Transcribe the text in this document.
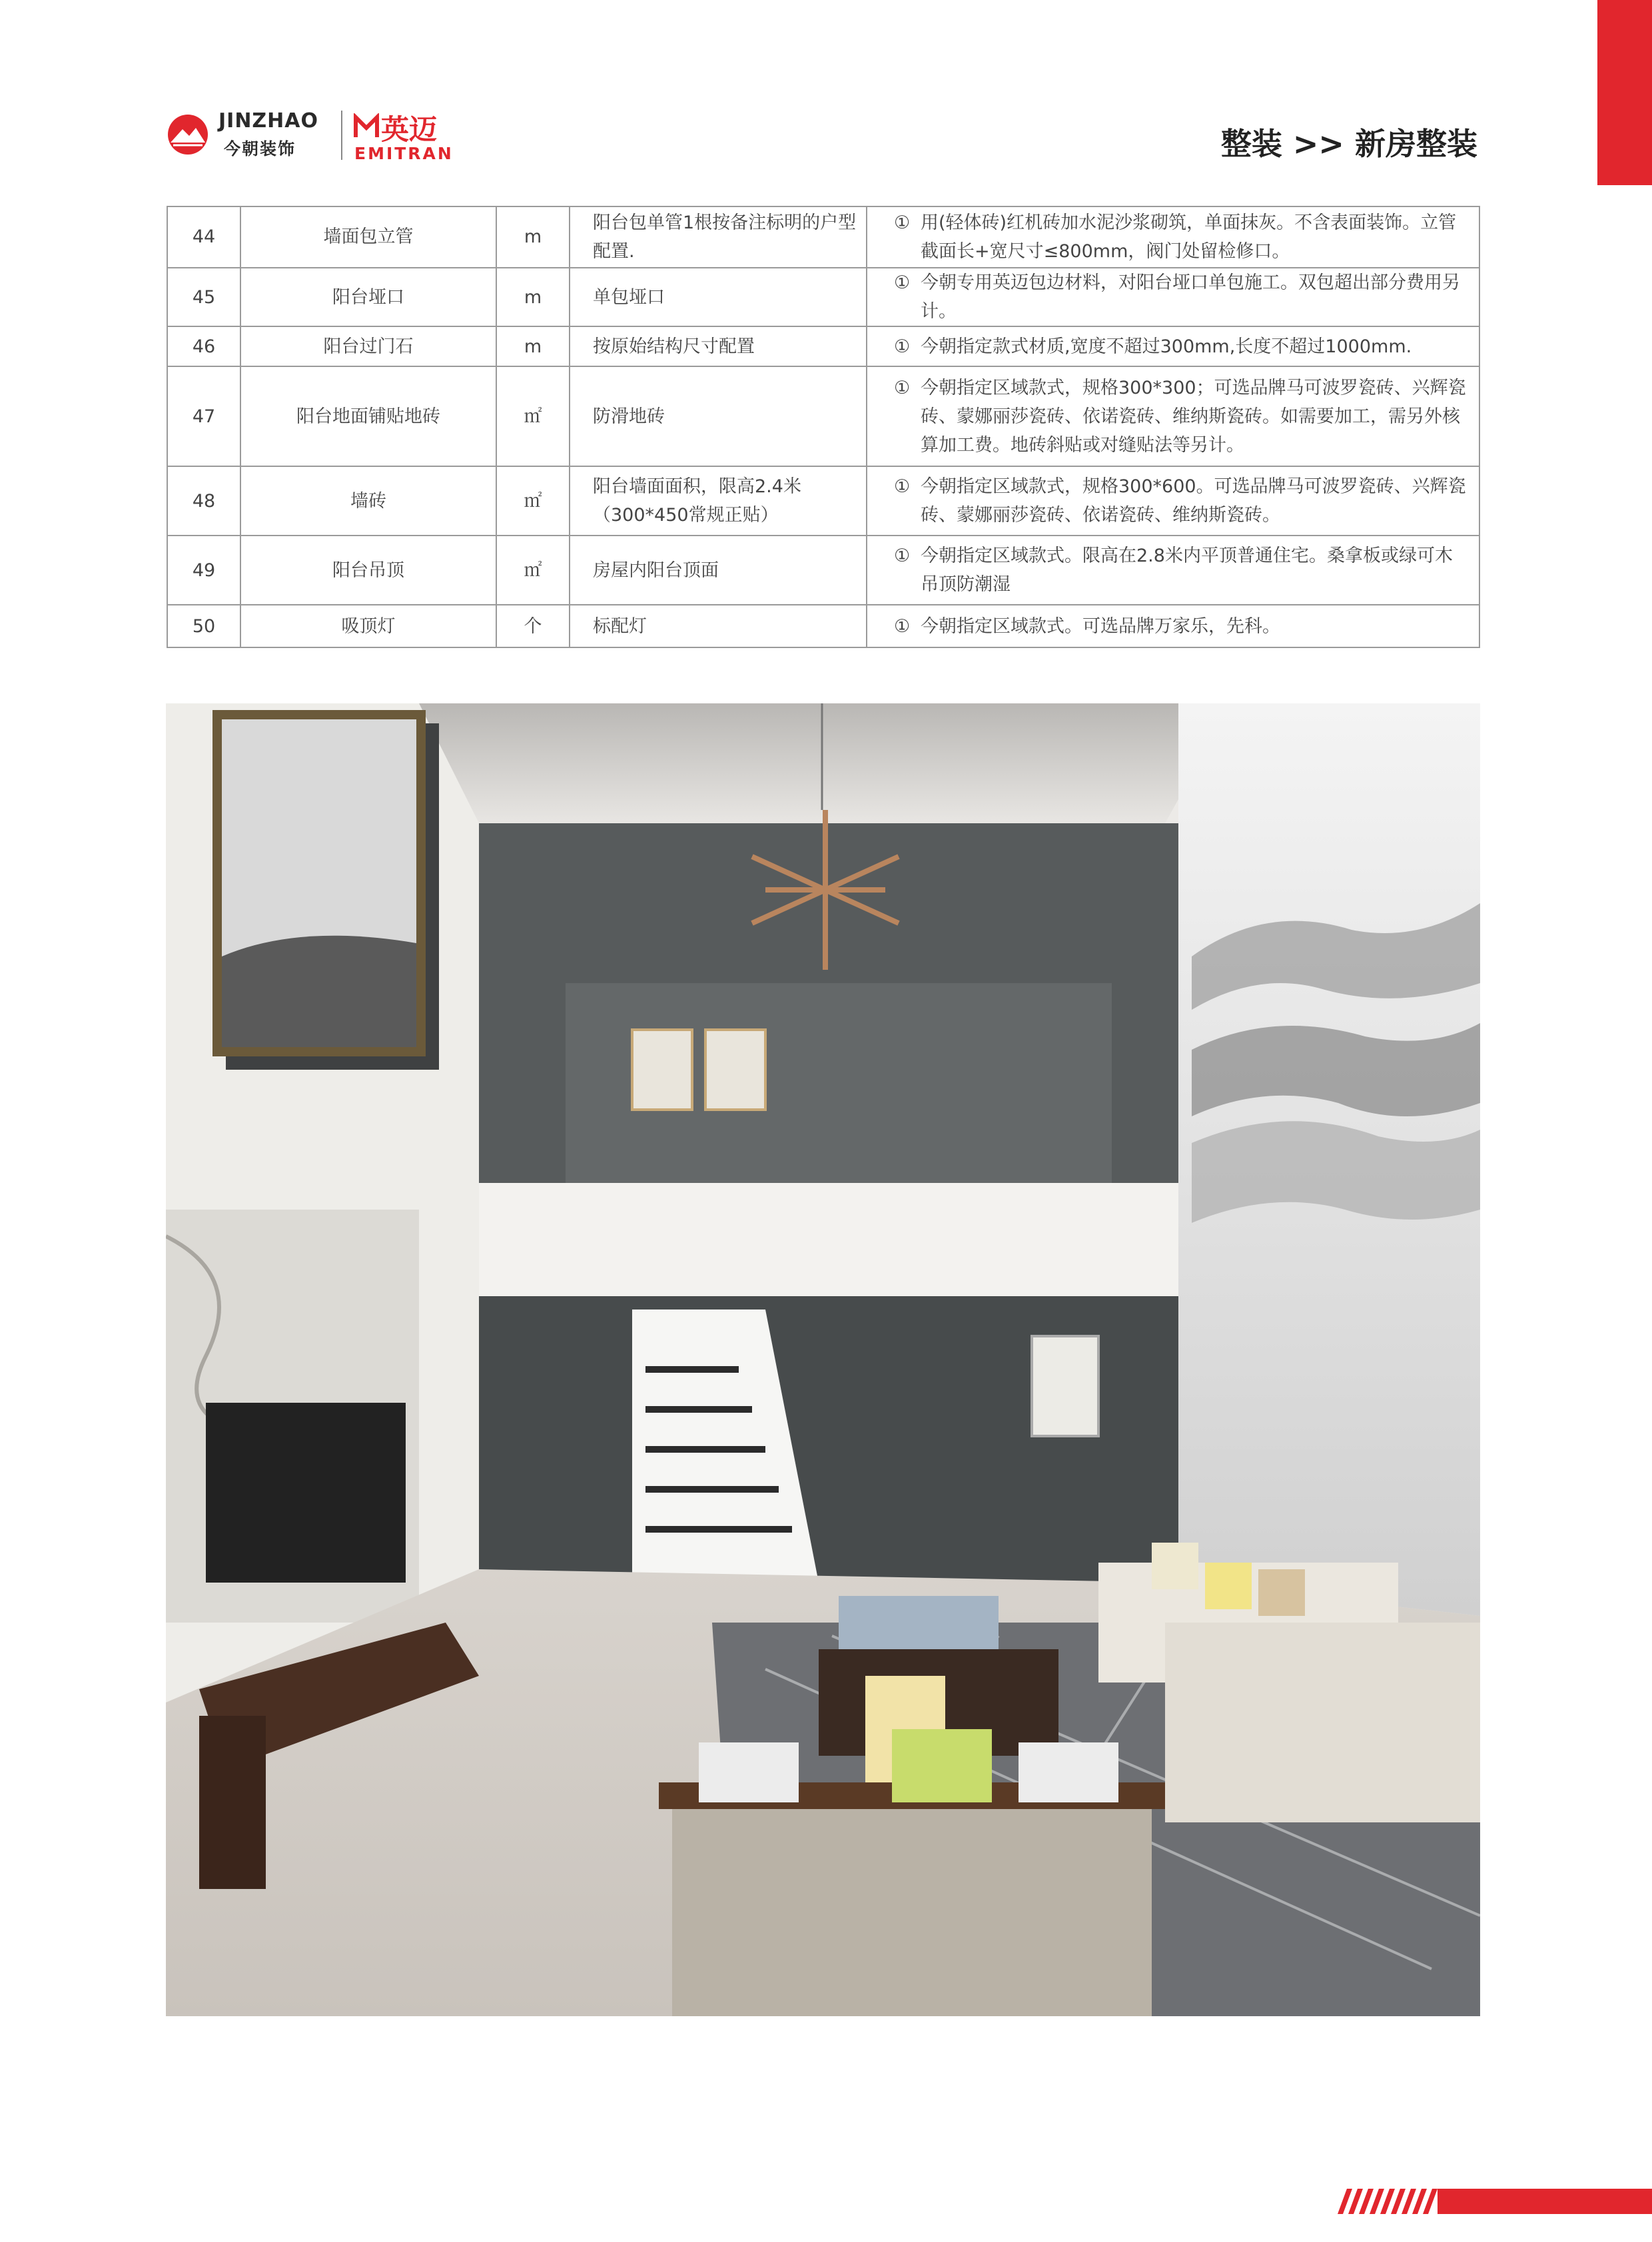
JINZHAO
今朝装饰
英迈
EMITRAN	整装 >> 新房整装
44	墙面包立管	m	阳台包单管1根按备注标明的户型配置.	① 用(轻体砖)红机砖加水泥沙浆砌筑，单面抹灰。不含表面装饰。立管截面长+宽尺寸≤800mm，阀门处留检修口。

45	阳台垭口	m	单包垭口	① 今朝专用英迈包边材料，对阳台垭口单包施工。双包超出部分费用另计。

46	阳台过门石	m	按原始结构尺寸配置	① 今朝指定款式材质,宽度不超过300mm,长度不超过1000mm.

47	阳台地面铺贴地砖	㎡	防滑地砖	① 今朝指定区域款式，规格300*300；可选品牌马可波罗瓷砖、兴辉瓷砖、蒙娜丽莎瓷砖、依诺瓷砖、维纳斯瓷砖。如需要加工，需另外核算加工费。地砖斜贴或对缝贴法等另计。

48	墙砖	㎡	阳台墙面面积，限高2.4米（300*450常规正贴）	① 今朝指定区域款式，规格300*600。可选品牌马可波罗瓷砖、兴辉瓷砖、蒙娜丽莎瓷砖、依诺瓷砖、维纳斯瓷砖。

49	阳台吊顶	㎡	房屋内阳台顶面	① 今朝指定区域款式。限高在2.8米内平顶普通住宅。桑拿板或绿可木吊顶防潮湿

50	吸顶灯	个	标配灯	① 今朝指定区域款式。可选品牌万家乐，先科。
